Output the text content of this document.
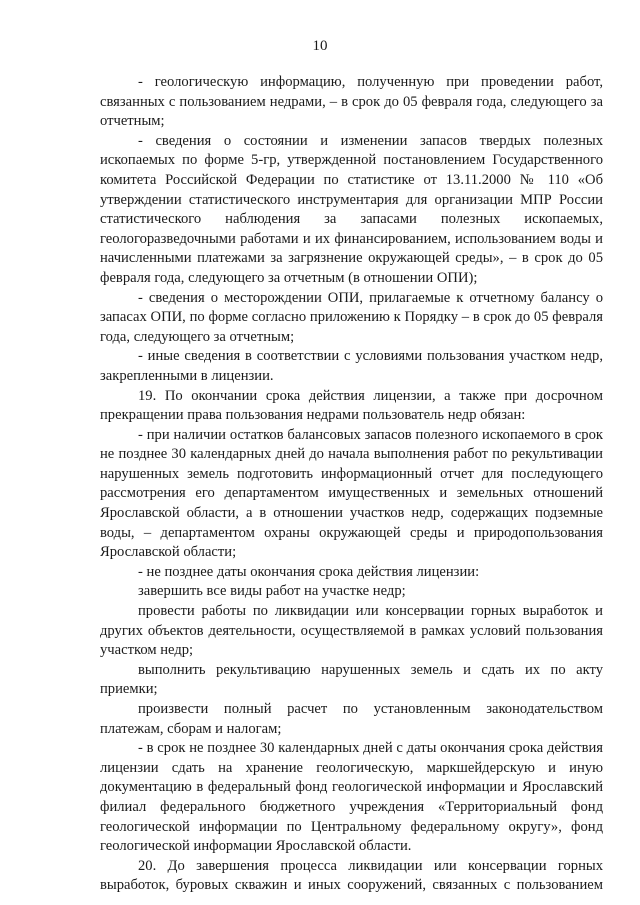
10

- геологическую информацию, полученную при проведении работ, связанных с пользованием недрами, – в срок до 05 февраля года, следующего за отчетным;

- сведения о состоянии и изменении запасов твердых полезных ископаемых по форме 5-гр, утвержденной постановлением Государственного комитета Российской Федерации по статистике от 13.11.2000 № 110 «Об утверждении статистического инструментария для организации МПР России статистического наблюдения за запасами полезных ископаемых, геологоразведочными работами и их финансированием, использованием воды и начисленными платежами за загрязнение окружающей среды», – в срок до 05 февраля года, следующего за отчетным (в отношении ОПИ);

- сведения о месторождении ОПИ, прилагаемые к отчетному балансу о запасах ОПИ, по форме согласно приложению к Порядку – в срок до 05 февраля года, следующего за отчетным;

- иные сведения в соответствии с условиями пользования участком недр, закрепленными в лицензии.

19. По окончании срока действия лицензии, а также при досрочном прекращении права пользования недрами пользователь недр обязан:

- при наличии остатков балансовых запасов полезного ископаемого в срок не позднее 30 календарных дней до начала выполнения работ по рекультивации нарушенных земель подготовить информационный отчет для последующего рассмотрения его департаментом имущественных и земельных отношений Ярославской области, а в отношении участков недр, содержащих подземные воды, – департаментом охраны окружающей среды и природопользования Ярославской области;

- не позднее даты окончания срока действия лицензии:

завершить все виды работ на участке недр;

провести работы по ликвидации или консервации горных выработок и других объектов деятельности, осуществляемой в рамках условий пользования участком недр;

выполнить рекультивацию нарушенных земель и сдать их по акту приемки;

произвести полный расчет по установленным законодательством платежам, сборам и налогам;

- в срок не позднее 30 календарных дней с даты окончания срока действия лицензии сдать на хранение геологическую, маркшейдерскую и иную документацию в федеральный фонд геологической информации и Ярославский филиал федерального бюджетного учреждения «Территориальный фонд геологической информации по Центральному федеральному округу», фонд геологической информации Ярославской области.

20. До завершения процесса ликвидации или консервации горных выработок, буровых скважин и иных сооружений, связанных с пользованием
